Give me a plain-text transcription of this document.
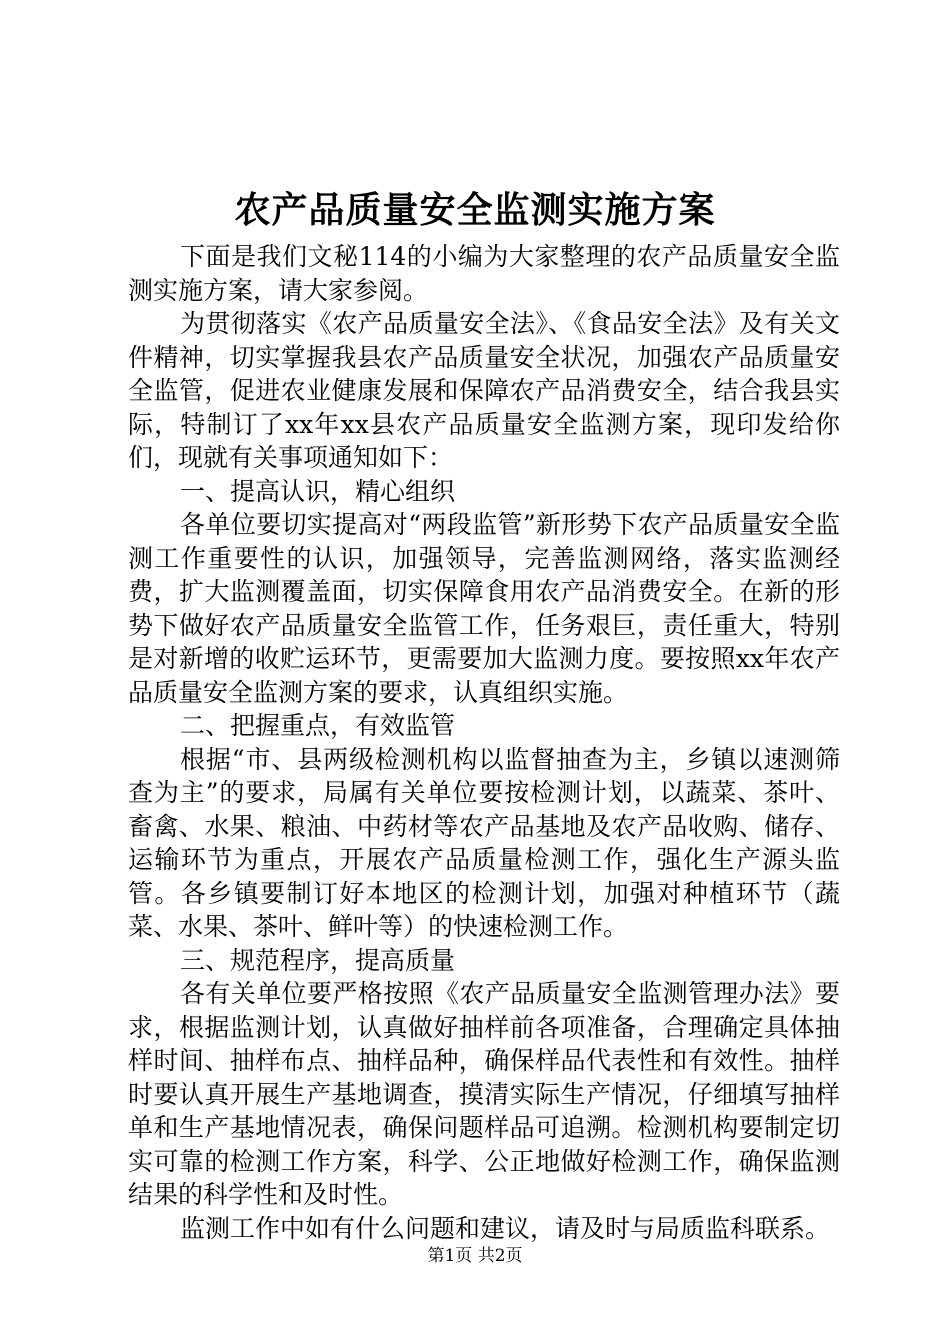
农产品质量安全监测实施方案

下面是我们文秘114的小编为大家整理的农产品质量安全监测实施方案，请大家参阅。

为贯彻落实《农产品质量安全法》、《食品安全法》及有关文件精神，切实掌握我县农产品质量安全状况，加强农产品质量安全监管，促进农业健康发展和保障农产品消费安全，结合我县实际，特制订了xx年xx县农产品质量安全监测方案，现印发给你们，现就有关事项通知如下：

一、提高认识，精心组织

各单位要切实提高对“两段监管”新形势下农产品质量安全监测工作重要性的认识，加强领导，完善监测网络，落实监测经费，扩大监测覆盖面，切实保障食用农产品消费安全。在新的形势下做好农产品质量安全监管工作，任务艰巨，责任重大，特别是对新增的收贮运环节，更需要加大监测力度。要按照xx年农产品质量安全监测方案的要求，认真组织实施。

二、把握重点，有效监管

根据“市、县两级检测机构以监督抽查为主，乡镇以速测筛查为主”的要求，局属有关单位要按检测计划，以蔬菜、茶叶、畜禽、水果、粮油、中药材等农产品基地及农产品收购、储存、运输环节为重点，开展农产品质量检测工作，强化生产源头监管。各乡镇要制订好本地区的检测计划，加强对种植环节（蔬菜、水果、茶叶、鲜叶等）的快速检测工作。

三、规范程序，提高质量

各有关单位要严格按照《农产品质量安全监测管理办法》要求，根据监测计划，认真做好抽样前各项准备，合理确定具体抽样时间、抽样布点、抽样品种，确保样品代表性和有效性。抽样时要认真开展生产基地调查，摸清实际生产情况，仔细填写抽样单和生产基地情况表，确保问题样品可追溯。检测机构要制定切实可靠的检测工作方案，科学、公正地做好检测工作，确保监测结果的科学性和及时性。

监测工作中如有什么问题和建议，请及时与局质监科联系。

第1页 共2页
